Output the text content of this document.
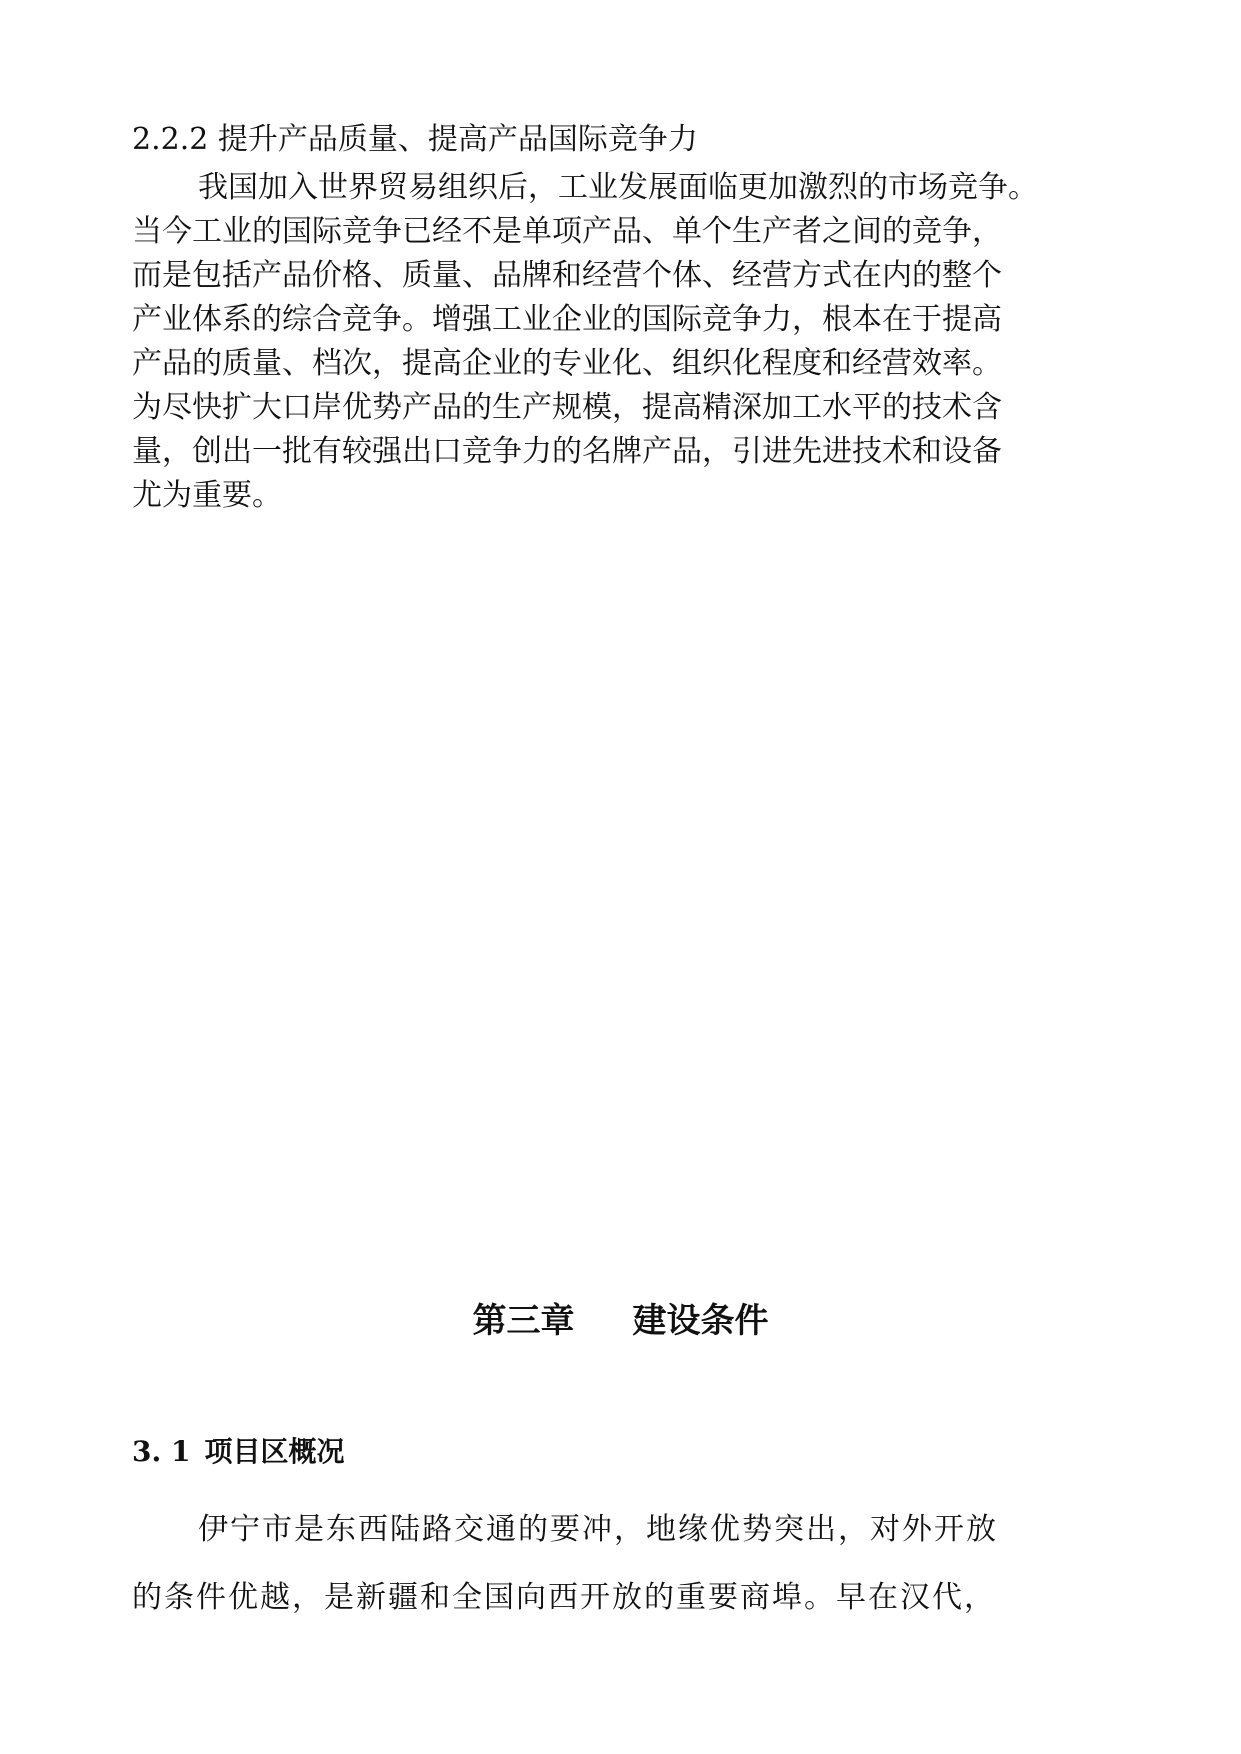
2.2.2 提升产品质量、提高产品国际竞争力
我国加入世界贸易组织后，工业发展面临更加激烈的市场竞争。
当今工业的国际竞争已经不是单项产品、单个生产者之间的竞争，
而是包括产品价格、质量、品牌和经营个体、经营方式在内的整个
产业体系的综合竞争。增强工业企业的国际竞争力，根本在于提高
产品的质量、档次，提高企业的专业化、组织化程度和经营效率。
为尽快扩大口岸优势产品的生产规模，提高精深加工水平的技术含
量，创出一批有较强出口竞争力的名牌产品，引进先进技术和设备
尤为重要。
第三章 建设条件
3. 1 项目区概况
伊宁市是东西陆路交通的要冲，地缘优势突出，对外开放
的条件优越，是新疆和全国向西开放的重要商埠。早在汉代，
